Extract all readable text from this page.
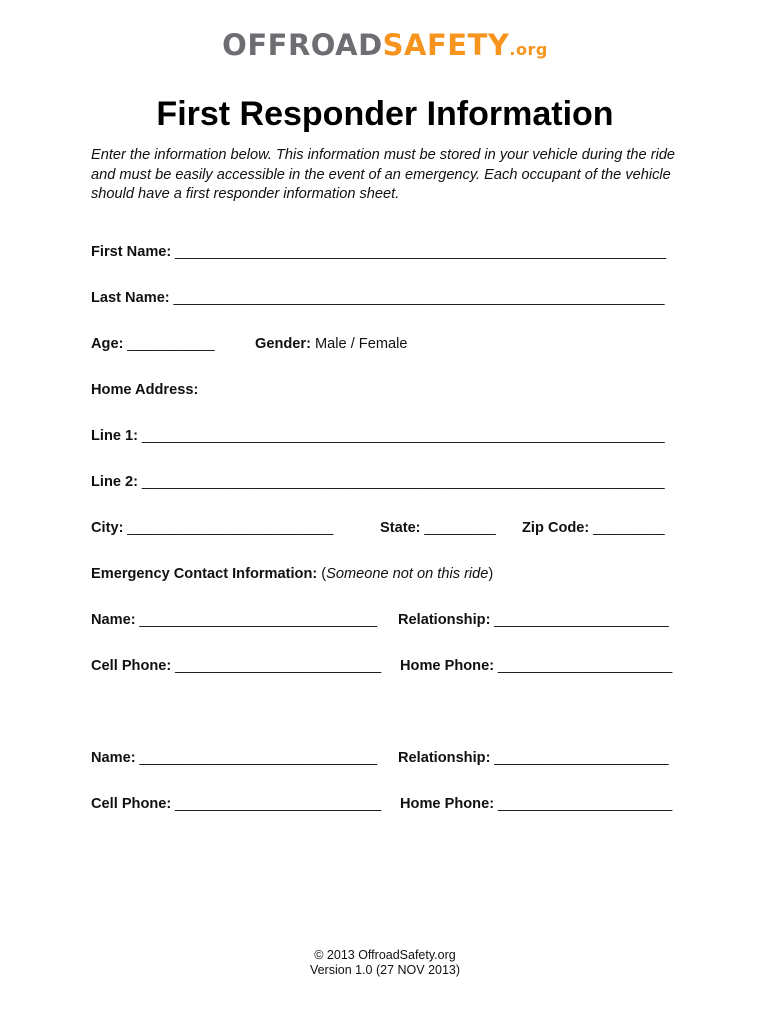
OFFROADSAFETY.org
First Responder Information
Enter the information below. This information must be stored in your vehicle during the ride and must be easily accessible in the event of an emergency. Each occupant of the vehicle should have a first responder information sheet.
First Name: ______________________________________________________________
Last Name: ______________________________________________________________
Age: ___________	Gender: Male / Female
Home Address:
Line 1: __________________________________________________________________
Line 2: __________________________________________________________________
City: __________________________	State: _________ Zip Code: _________
Emergency Contact Information: (Someone not on this ride)
Name: ______________________________ Relationship: ______________________
Cell Phone: __________________________ Home Phone: ______________________
Name: ______________________________ Relationship: ______________________
Cell Phone: __________________________ Home Phone: ______________________
© 2013 OffroadSafety.org
Version 1.0 (27 NOV 2013)
